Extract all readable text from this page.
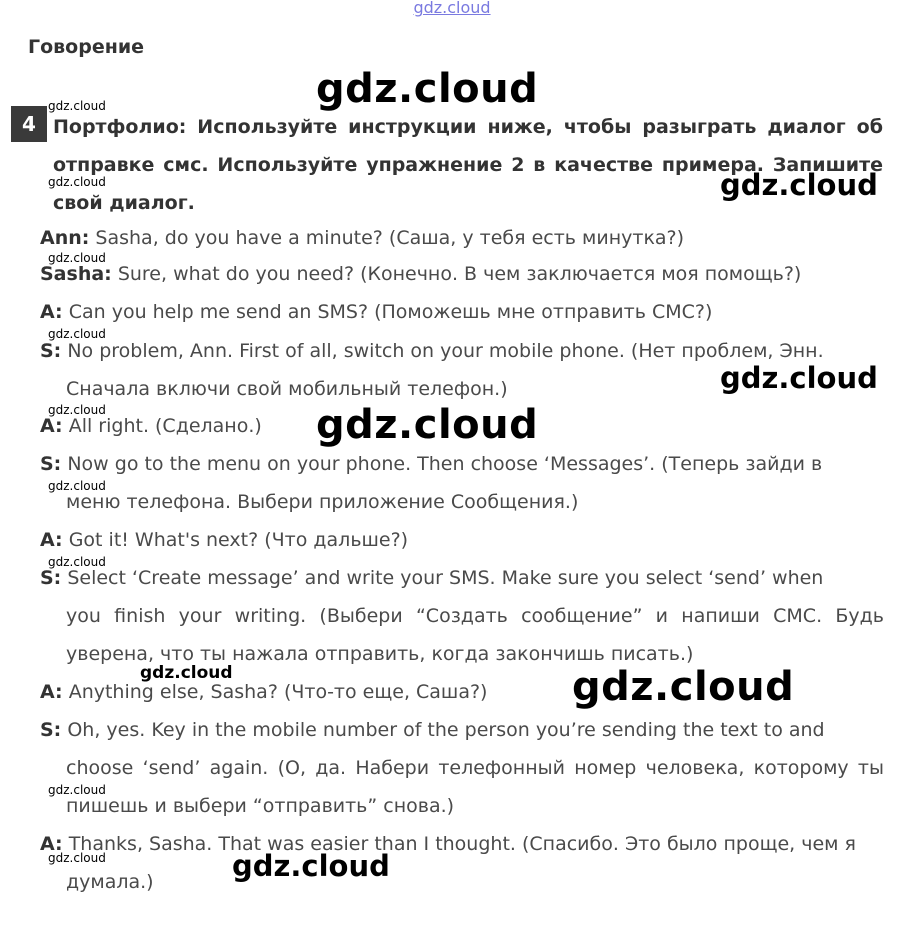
gdz.cloud
Говорение
4 Портфолио: Используйте инструкции ниже, чтобы разыграть диалог об отправке смс. Используйте упражнение 2 в качестве примера. Запишите свой диалог.
Ann: Sasha, do you have a minute? (Саша, у тебя есть минутка?)
Sasha: Sure, what do you need? (Конечно. В чем заключается моя помощь?)
A: Can you help me send an SMS? (Поможешь мне отправить СМС?)
S: No problem, Ann. First of all, switch on your mobile phone. (Нет проблем, Энн.
Сначала включи свой мобильный телефон.)
A: All right. (Сделано.)
S: Now go to the menu on your phone. Then choose ‘Messages’. (Теперь зайди в
меню телефона. Выбери приложение Сообщения.)
A: Got it! What's next? (Что дальше?)
S: Select ‘Create message’ and write your SMS. Make sure you select ‘send’ when
you finish your writing. (Выбери “Создать сообщение” и напиши СМС. Будь уверена, что ты нажала отправить, когда закончишь писать.)
A: Anything else, Sasha? (Что-то еще, Саша?)
S: Oh, yes. Key in the mobile number of the person you’re sending the text to and
choose ‘send’ again. (О, да. Набери телефонный номер человека, которому ты пишешь и выбери “отправить” снова.)
A: Thanks, Sasha. That was easier than I thought. (Спасибо. Это было проще, чем я
думала.)
gdz.cloud
gdz.cloud
gdz.cloud
gdz.cloud
gdz.cloud
gdz.cloud
gdz.cloud
gdz.cloud
gdz.cloud
gdz.cloud
gdz.cloud
gdz.cloud
gdz.cloud
gdz.cloud
gdz.cloud
gdz.cloud
